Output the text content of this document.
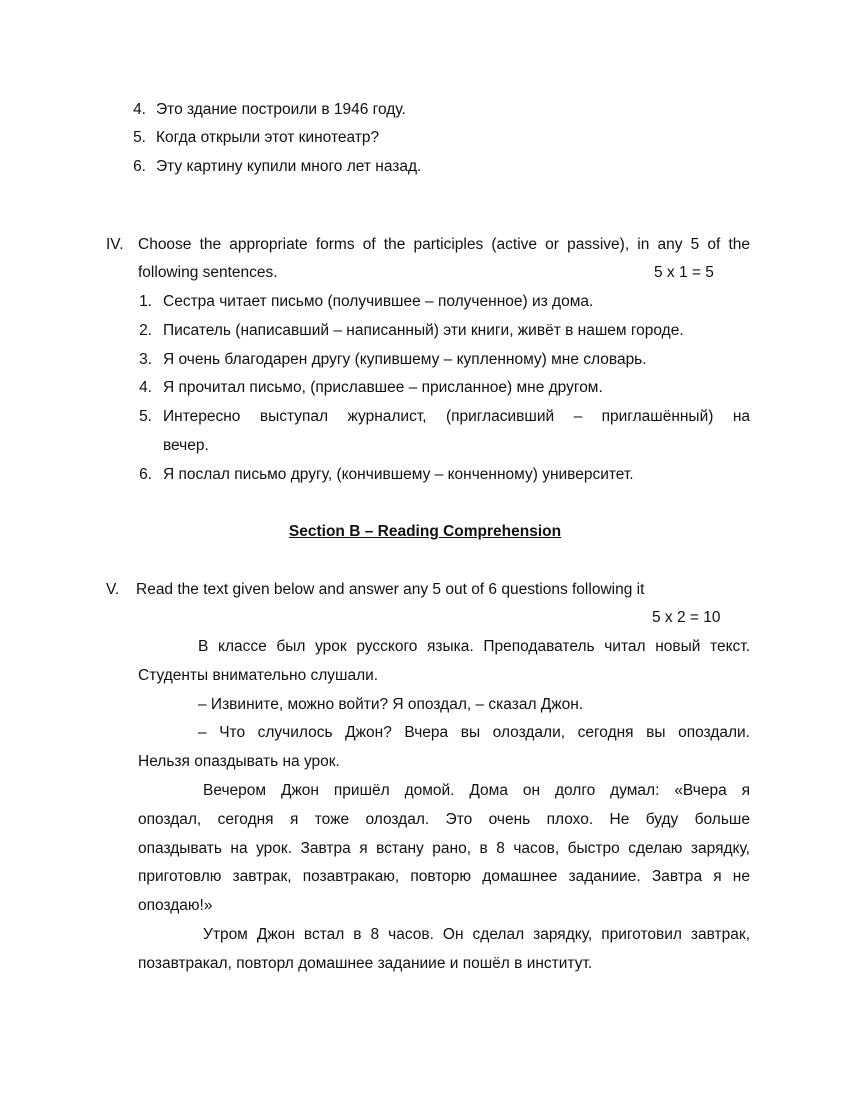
4. Это здание построили в 1946 году.
5. Когда открыли этот кинотеатр?
6. Эту картину купили много лет назад.
IV. Choose the appropriate forms of the participles (active or passive), in any 5 of the
following sentences.	5 x 1 = 5
1. Сестра читает письмо (получившее – полученное) из дома.
2. Писатель (написавший – написанный) эти книги, живёт в нашем городе.
3. Я очень благодарен другу (купившему – купленному) мне словарь.
4. Я прочитал письмо, (приславшее – присланное) мне другом.
5. Интересно выступал журналист, (пригласивший – приглашённый) на
вечер.
6. Я послал письмо другу, (кончившему – конченному) университет.
Section B – Reading Comprehension
V. Read the text given below and answer any 5 out of 6 questions following it
5 x 2 = 10
В классе был урок русского языка. Преподаватель читал новый текст.
Студенты внимательно слушали.
– Извините, можно войти? Я опоздал, – сказал Джон.
– Что случилось Джон? Вчера вы олоздали, сегодня вы опоздали.
Нельзя опаздывать на урок.
Вечером Джон пришёл домой. Дома он долго думал: «Вчера я
опоздал, сегодня я тоже олоздал. Это очень плохо. Не буду больше
опаздывать на урок. Завтра я встану рано, в 8 часов, быстро сделаю зарядку,
приготовлю завтрак, позавтракаю, повторю домашнее заданиие. Завтра я не
опоздаю!»
Утром Джон встал в 8 часов. Он сделал зарядку, приготовил завтрак,
позавтракал, повторл домашнее заданиие и пошёл в институт.
